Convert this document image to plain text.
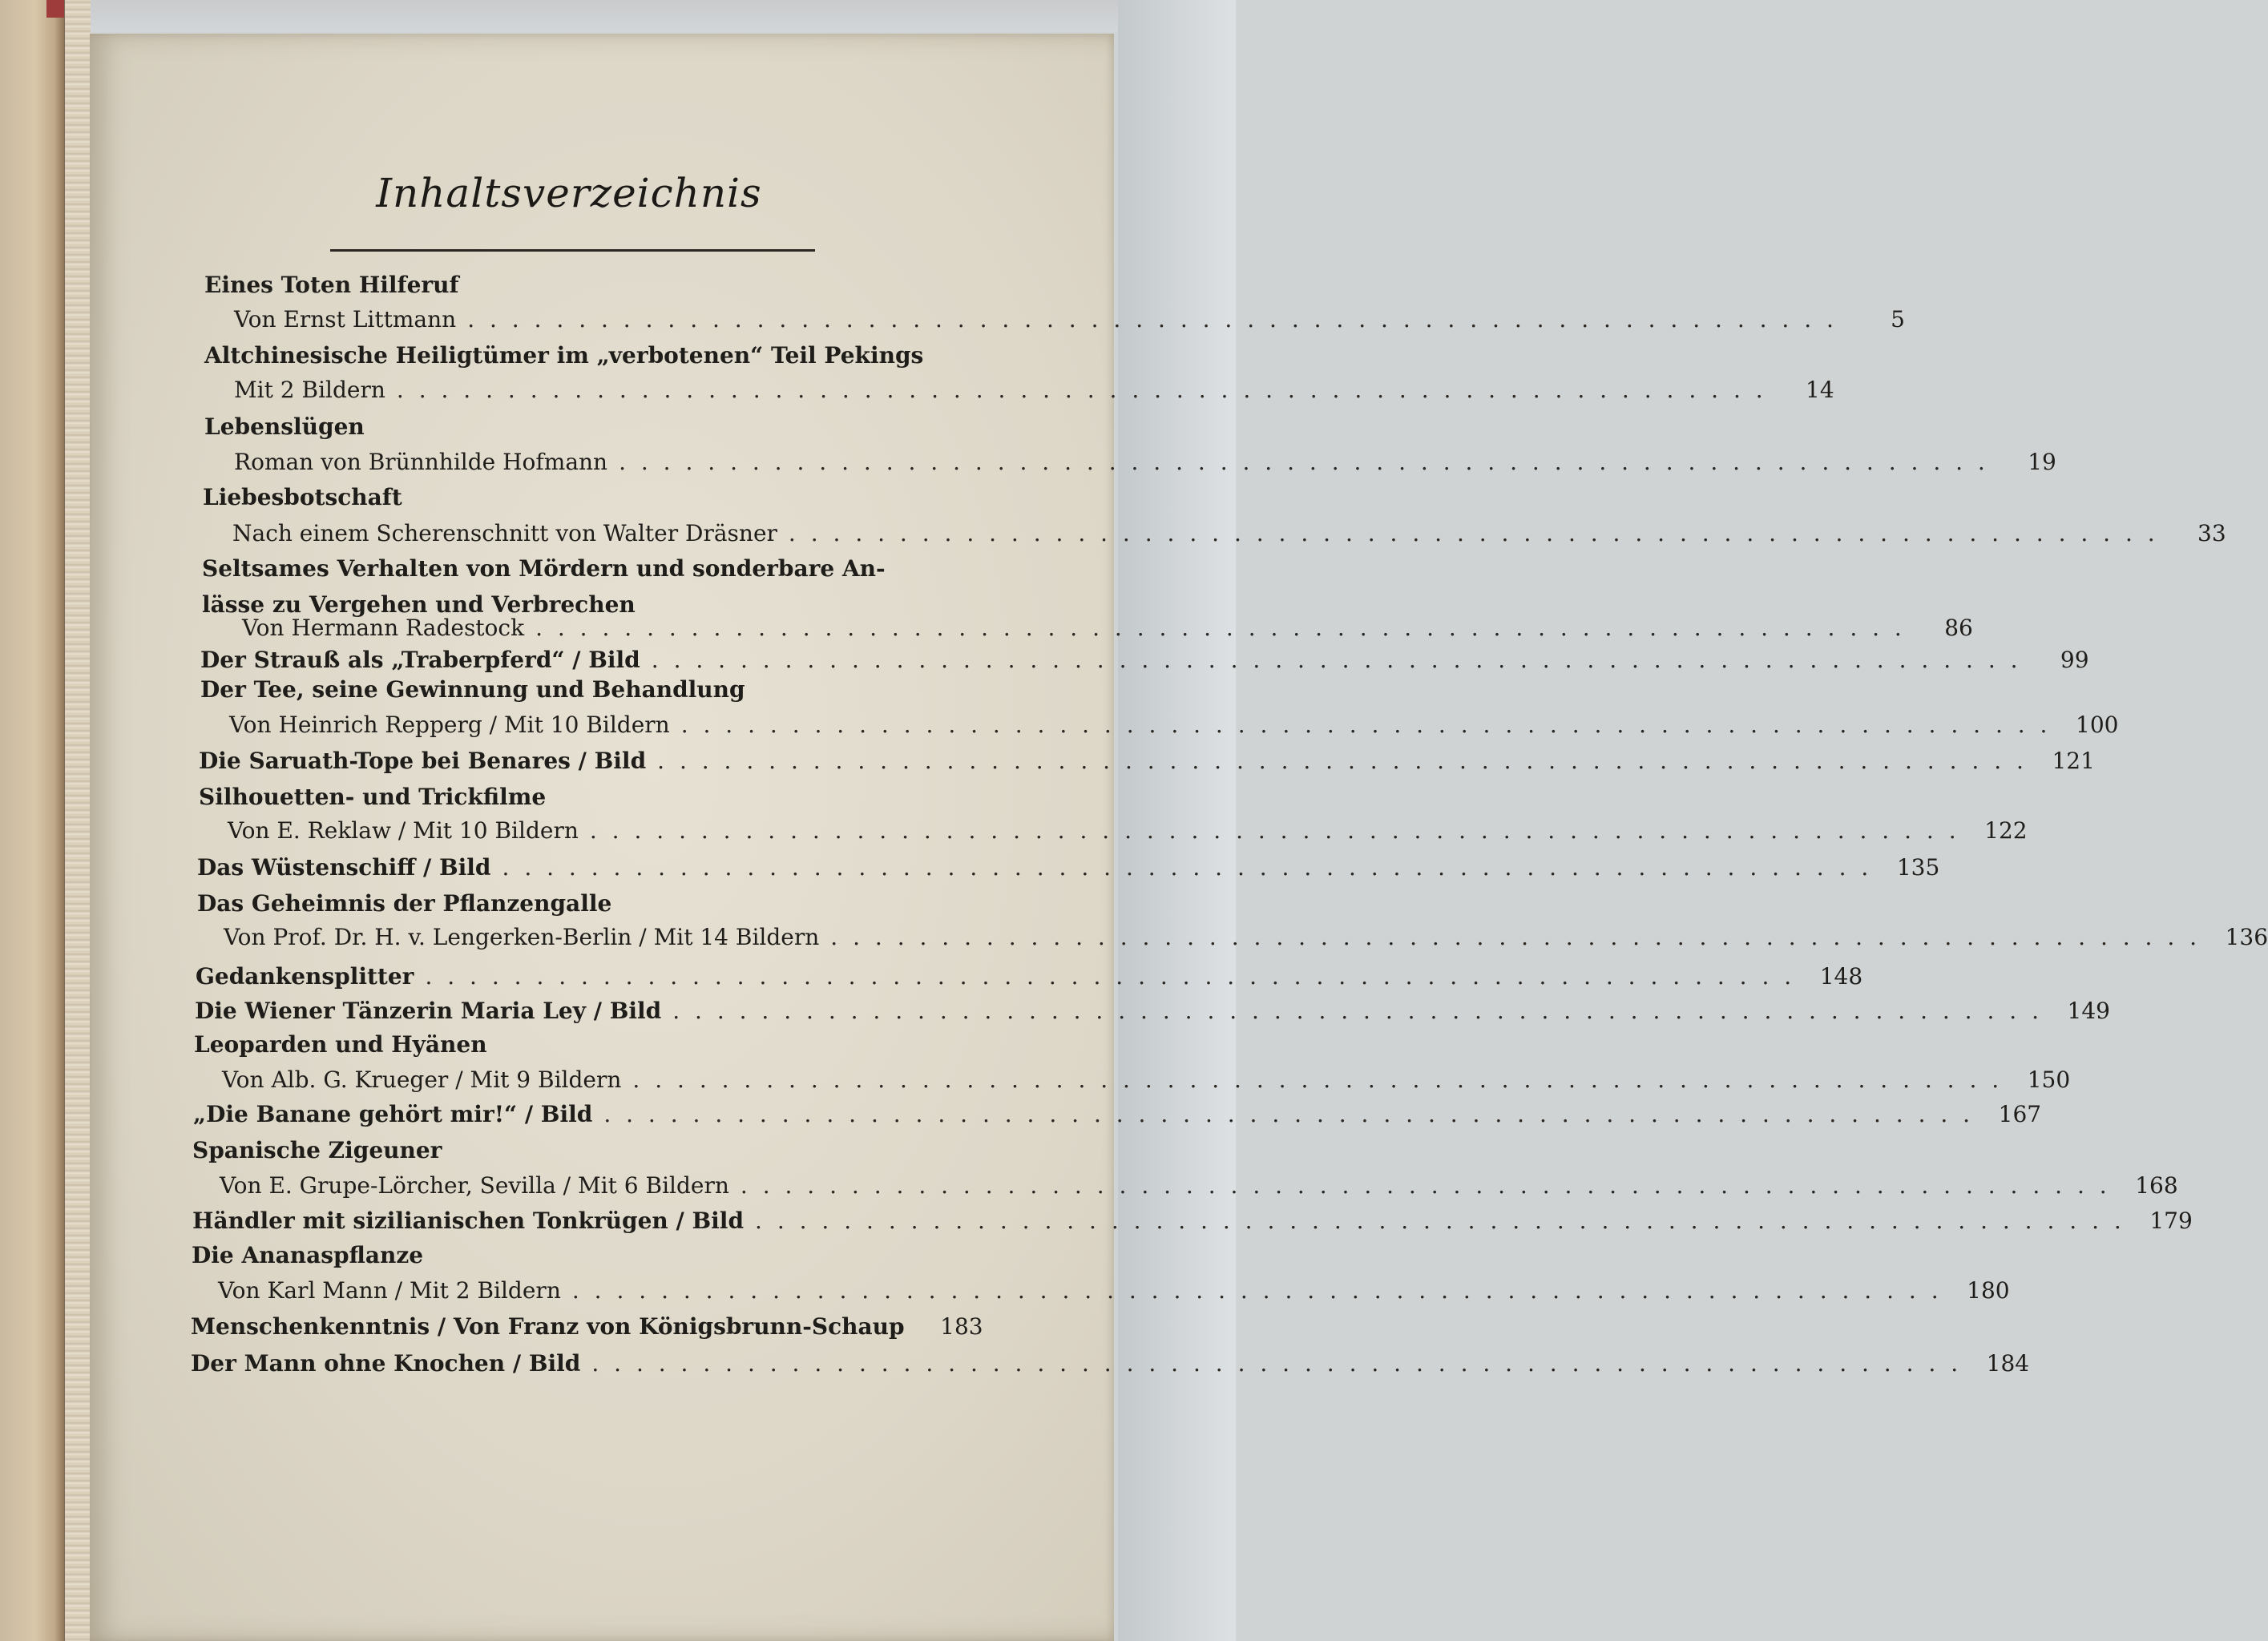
Inhaltsverzeichnis
Eines Toten Hilferuf
Von Ernst Littmann . . . . . . . . . . . . . . . . . . . . . . . . . . . . . . . . . . . . . . . . . . . . . . . . . . . . . . . . . . . . . .	5
Altchinesische Heiligtümer im „verbotenen“ Teil Pekings
Mit 2 Bildern . . . . . . . . . . . . . . . . . . . . . . . . . . . . . . . . . . . . . . . . . . . . . . . . . . . . . . . . . . . . . .	14
Lebenslügen
Roman von Brünnhilde Hofmann . . . . . . . . . . . . . . . . . . . . . . . . . . . . . . . . . . . . . . . . . . . . . . . . . . . . . . . . . . . . . .	19
Liebesbotschaft
Nach einem Scherenschnitt von Walter Dräsner . . . . . . . . . . . . . . . . . . . . . . . . . . . . . . . . . . . . . . . . . . . . . . . . . . . . . . . . . . . . . .	33
Seltsames Verhalten von Mördern und sonderbare An-
lässe zu Vergehen und Verbrechen
Von Hermann Radestock . . . . . . . . . . . . . . . . . . . . . . . . . . . . . . . . . . . . . . . . . . . . . . . . . . . . . . . . . . . . . .	86
Der Strauß als „Traberpferd“ / Bild . . . . . . . . . . . . . . . . . . . . . . . . . . . . . . . . . . . . . . . . . . . . . . . . . . . . . . . . . . . . . .	99
Der Tee, seine Gewinnung und Behandlung
Von Heinrich Repperg / Mit 10 Bildern . . . . . . . . . . . . . . . . . . . . . . . . . . . . . . . . . . . . . . . . . . . . . . . . . . . . . . . . . . . . . .	100
Die Saruath-Tope bei Benares / Bild . . . . . . . . . . . . . . . . . . . . . . . . . . . . . . . . . . . . . . . . . . . . . . . . . . . . . . . . . . . . . .	121
Silhouetten- und Trickfilme
Von E. Reklaw / Mit 10 Bildern . . . . . . . . . . . . . . . . . . . . . . . . . . . . . . . . . . . . . . . . . . . . . . . . . . . . . . . . . . . . . .	122
Das Wüstenschiff / Bild . . . . . . . . . . . . . . . . . . . . . . . . . . . . . . . . . . . . . . . . . . . . . . . . . . . . . . . . . . . . . .	135
Das Geheimnis der Pflanzengalle
Von Prof. Dr. H. v. Lengerken-Berlin / Mit 14 Bildern . . . . . . . . . . . . . . . . . . . . . . . . . . . . . . . . . . . . . . . . . . . . . . . . . . . . . . . . . . . . . .	136
Gedankensplitter . . . . . . . . . . . . . . . . . . . . . . . . . . . . . . . . . . . . . . . . . . . . . . . . . . . . . . . . . . . . . .	148
Die Wiener Tänzerin Maria Ley / Bild . . . . . . . . . . . . . . . . . . . . . . . . . . . . . . . . . . . . . . . . . . . . . . . . . . . . . . . . . . . . . .	149
Leoparden und Hyänen
Von Alb. G. Krueger / Mit 9 Bildern . . . . . . . . . . . . . . . . . . . . . . . . . . . . . . . . . . . . . . . . . . . . . . . . . . . . . . . . . . . . . .	150
„Die Banane gehört mir!“ / Bild . . . . . . . . . . . . . . . . . . . . . . . . . . . . . . . . . . . . . . . . . . . . . . . . . . . . . . . . . . . . . .	167
Spanische Zigeuner
Von E. Grupe-Lörcher, Sevilla / Mit 6 Bildern . . . . . . . . . . . . . . . . . . . . . . . . . . . . . . . . . . . . . . . . . . . . . . . . . . . . . . . . . . . . . .	168
Händler mit sizilianischen Tonkrügen / Bild . . . . . . . . . . . . . . . . . . . . . . . . . . . . . . . . . . . . . . . . . . . . . . . . . . . . . . . . . . . . . .	179
Die Ananaspflanze
Von Karl Mann / Mit 2 Bildern . . . . . . . . . . . . . . . . . . . . . . . . . . . . . . . . . . . . . . . . . . . . . . . . . . . . . . . . . . . . . .	180
Menschenkenntnis / Von Franz von Königsbrunn-Schaup	183
Der Mann ohne Knochen / Bild . . . . . . . . . . . . . . . . . . . . . . . . . . . . . . . . . . . . . . . . . . . . . . . . . . . . . . . . . . . . . .	184
